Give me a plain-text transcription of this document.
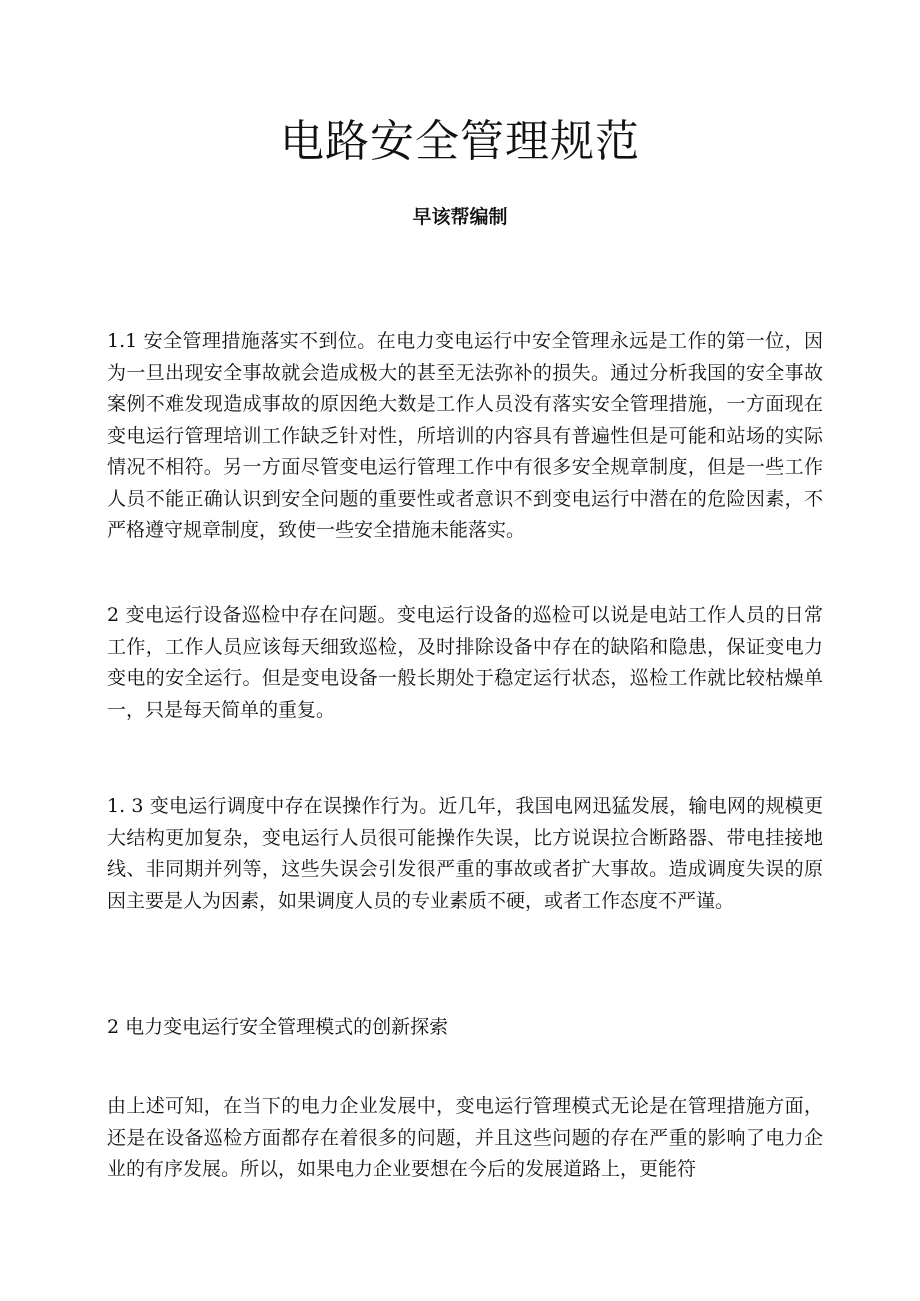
电路安全管理规范
早该帮编制

1.1 安全管理措施落实不到位。在电力变电运行中安全管理永远是工作的第一位，因为一旦出现安全事故就会造成极大的甚至无法弥补的损失。通过分析我国的安全事故案例不难发现造成事故的原因绝大数是工作人员没有落实安全管理措施，一方面现在变电运行管理培训工作缺乏针对性，所培训的内容具有普遍性但是可能和站场的实际情况不相符。另一方面尽管变电运行管理工作中有很多安全规章制度，但是一些工作人员不能正确认识到安全问题的重要性或者意识不到变电运行中潜在的危险因素，不严格遵守规章制度，致使一些安全措施未能落实。

2 变电运行设备巡检中存在问题。变电运行设备的巡检可以说是电站工作人员的日常工作，工作人员应该每天细致巡检，及时排除设备中存在的缺陷和隐患，保证变电力变电的安全运行。但是变电设备一般长期处于稳定运行状态，巡检工作就比较枯燥单一，只是每天简单的重复。

1. 3 变电运行调度中存在误操作行为。近几年，我国电网迅猛发展，输电网的规模更大结构更加复杂，变电运行人员很可能操作失误，比方说误拉合断路器、带电挂接地线、非同期并列等，这些失误会引发很严重的事故或者扩大事故。造成调度失误的原因主要是人为因素，如果调度人员的专业素质不硬，或者工作态度不严谨。

2 电力变电运行安全管理模式的创新探索

由上述可知，在当下的电力企业发展中，变电运行管理模式无论是在管理措施方面，还是在设备巡检方面都存在着很多的问题，并且这些问题的存在严重的影响了电力企业的有序发展。所以，如果电力企业要想在今后的发展道路上，更能符
